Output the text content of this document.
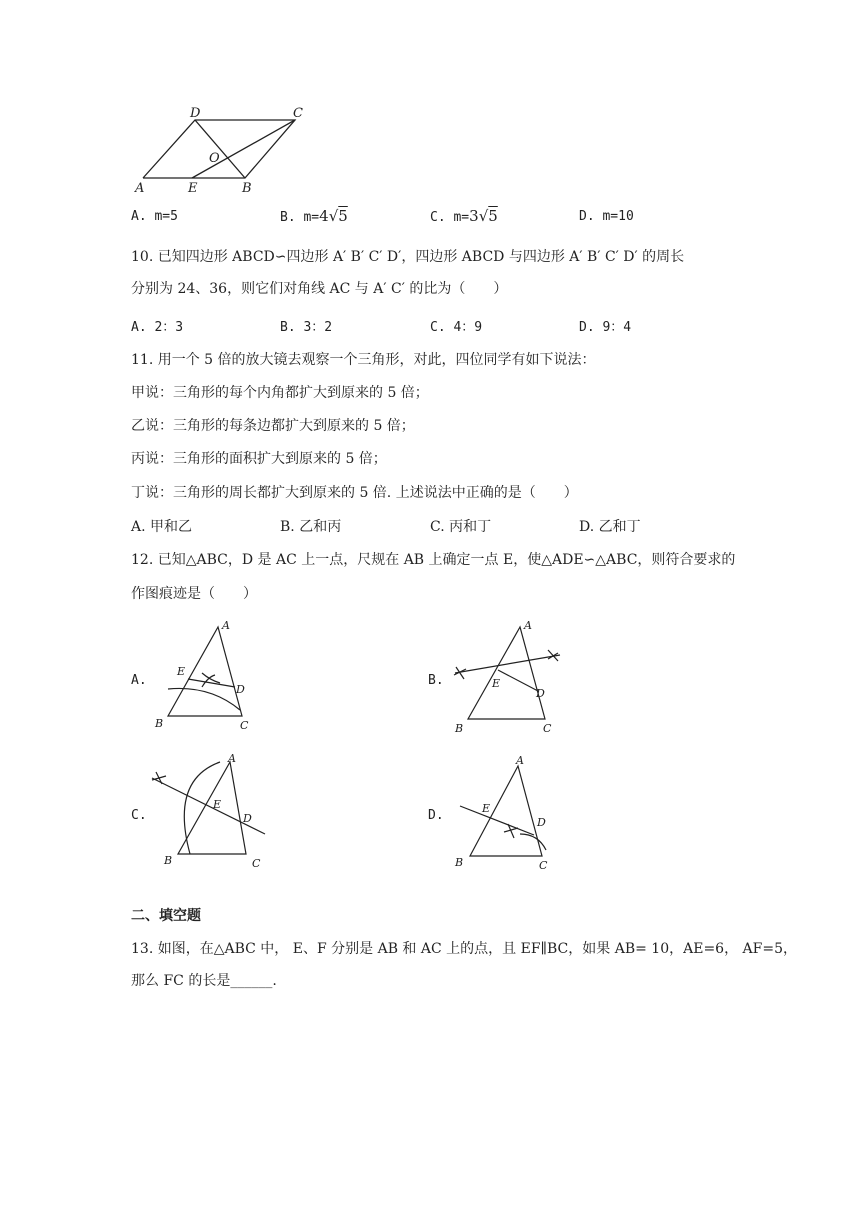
A	E	B
D	C
O
A. m=5	B. m=4√5	C. m=3√5	D. m=10
10. 已知四边形 ABCD∽四边形 A′ B′ C′ D′，四边形 ABCD 与四边形 A′ B′ C′ D′ 的周长
分别为 24、36，则它们对角线 AC 与 A′ C′ 的比为（　　）
A. 2：3	B. 3：2	C. 4：9	D. 9：4
11. 用一个 5 倍的放大镜去观察一个三角形，对此，四位同学有如下说法：
甲说：三角形的每个内角都扩大到原来的 5 倍；
乙说：三角形的每条边都扩大到原来的 5 倍；
丙说：三角形的面积扩大到原来的 5 倍；
丁说：三角形的周长都扩大到原来的 5 倍. 上述说法中正确的是（　　）
A. 甲和乙	B. 乙和丙	C. 丙和丁	D. 乙和丁
12. 已知△ABC，D 是 AC 上一点，尺规在 AB 上确定一点 E，使△ADE∽△ABC，则符合要求的
作图痕迹是（　　）
A.	B.
C.	D.
A
B	C
D
E
A
B	C
D
E
A
B	C
D
E
A
B	C
D
E
二、填空题
13. 如图，在△ABC 中， E、F 分别是 AB 和 AC 上的点，且 EF∥BC，如果 AB= 10，AE=6， AF=5，
那么 FC 的长是______.
